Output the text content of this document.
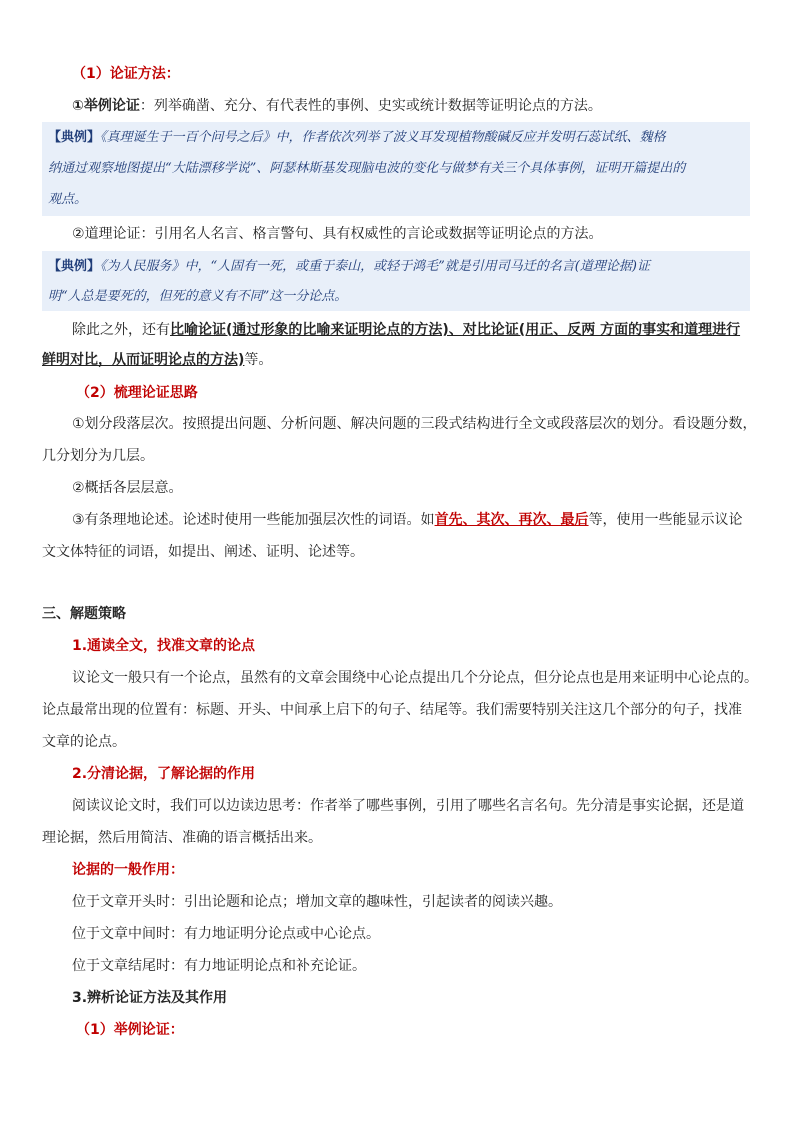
（1）论证方法：
①举例论证：列举确凿、充分、有代表性的事例、史实或统计数据等证明论点的方法。
【典例】《真理诞生于一百个问号之后》中，作者依次列举了波义耳发现植物酸碱反应并发明石蕊试纸、魏格
纳通过观察地图提出“大陆漂移学说”、阿瑟林斯基发现脑电波的变化与做梦有关三个具体事例，证明开篇提出的
观点。
②道理论证：引用名人名言、格言警句、具有权威性的言论或数据等证明论点的方法。
【典例】《为人民服务》中，“人固有一死，或重于泰山，或轻于鸿毛”就是引用司马迁的名言(道理论据)证
明“人总是要死的，但死的意义有不同”这一分论点。
除此之外，还有比喻论证(通过形象的比喻来证明论点的方法)、对比论证(用正、反两 方面的事实和道理进行
鲜明对比，从而证明论点的方法)等。
（2）梳理论证思路
①划分段落层次。按照提出问题、分析问题、解决问题的三段式结构进行全文或段落层次的划分。看设题分数，
几分划分为几层。
②概括各层层意。
③有条理地论述。论述时使用一些能加强层次性的词语。如首先、其次、再次、最后等，使用一些能显示议论
文文体特征的词语，如提出、阐述、证明、论述等。
三、解题策略
1.通读全文，找准文章的论点
议论文一般只有一个论点，虽然有的文章会围绕中心论点提出几个分论点，但分论点也是用来证明中心论点的。
论点最常出现的位置有：标题、开头、中间承上启下的句子、结尾等。我们需要特别关注这几个部分的句子，找准
文章的论点。
2.分清论据，了解论据的作用
阅读议论文时，我们可以边读边思考：作者举了哪些事例，引用了哪些名言名句。先分清是事实论据，还是道
理论据，然后用简洁、准确的语言概括出来。
论据的一般作用：
位于文章开头时：引出论题和论点；增加文章的趣味性，引起读者的阅读兴趣。
位于文章中间时：有力地证明分论点或中心论点。
位于文章结尾时：有力地证明论点和补充论证。
3.辨析论证方法及其作用
（1）举例论证：
